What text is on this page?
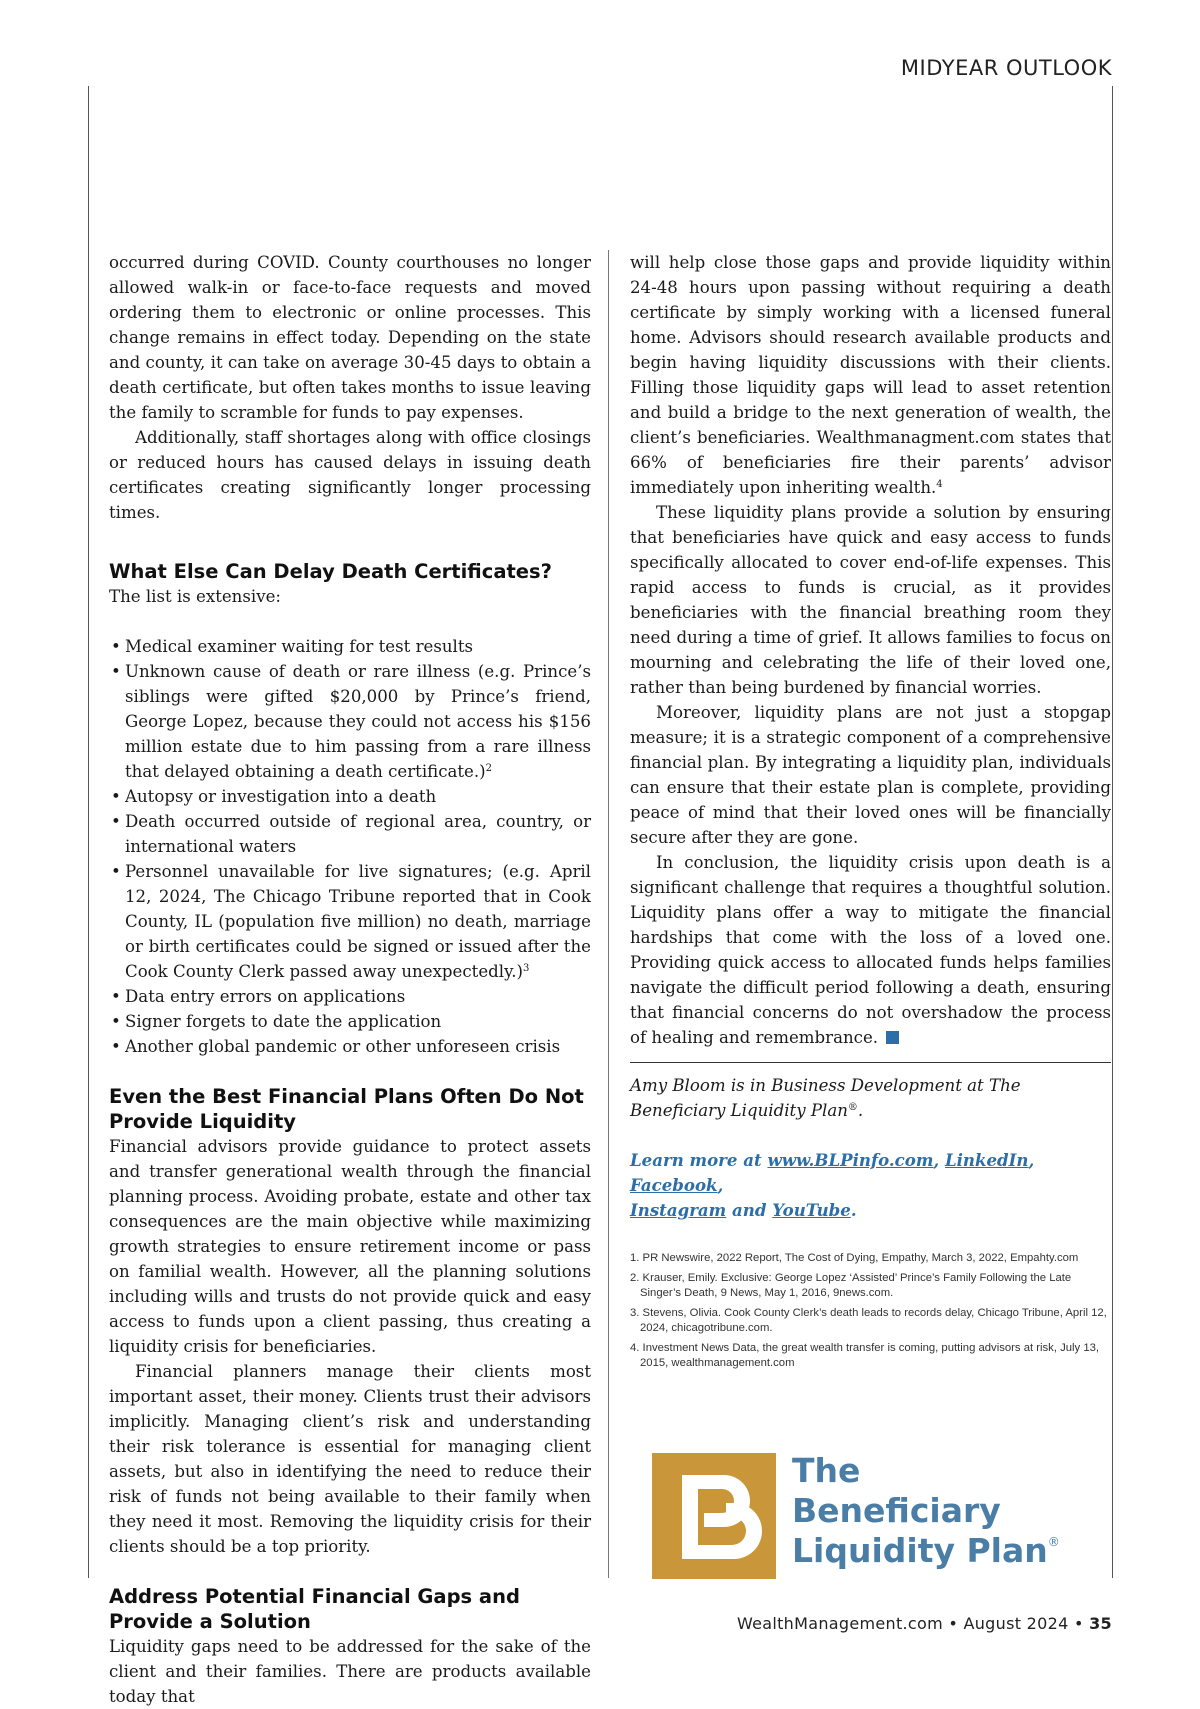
MIDYEAR OUTLOOK

occurred during COVID. County courthouses no longer allowed walk-in or face-to-face requests and moved ordering them to electronic or online processes. This change remains in effect today. Depending on the state and county, it can take on average 30-45 days to obtain a death certificate, but often takes months to issue leaving the family to scramble for funds to pay expenses.

Additionally, staff shortages along with office closings or reduced hours has caused delays in issuing death certificates creating significantly longer processing times.

What Else Can Delay Death Certificates?

The list is extensive:

• Medical examiner waiting for test results
• Unknown cause of death or rare illness (e.g. Prince’s siblings were gifted $20,000 by Prince’s friend, George Lopez, because they could not access his $156 million estate due to him passing from a rare illness that delayed obtaining a death certificate.)$^2$
• Autopsy or investigation into a death
• Death occurred outside of regional area, country, or international waters
• Personnel unavailable for live signatures; (e.g. April 12, 2024, The Chicago Tribune reported that in Cook County, IL (population five million) no death, marriage or birth certificates could be signed or issued after the Cook County Clerk passed away unexpectedly.)$^3$
• Data entry errors on applications
• Signer forgets to date the application
• Another global pandemic or other unforeseen crisis
Even the Best Financial Plans Often Do Not Provide Liquidity

Financial advisors provide guidance to protect assets and transfer generational wealth through the financial planning process. Avoiding probate, estate and other tax consequences are the main objective while maximizing growth strategies to ensure retirement income or pass on familial wealth. However, all the planning solutions including wills and trusts do not provide quick and easy access to funds upon a client passing, thus creating a liquidity crisis for beneficiaries.

Financial planners manage their clients most important asset, their money. Clients trust their advisors implicitly. Managing client’s risk and understanding their risk tolerance is essential for managing client assets, but also in identifying the need to reduce their risk of funds not being available to their family when they need it most. Removing the liquidity crisis for their clients should be a top priority.

Address Potential Financial Gaps and Provide a Solution

Liquidity gaps need to be addressed for the sake of the client and their families. There are products available today that

will help close those gaps and provide liquidity within 24-48 hours upon passing without requiring a death certificate by simply working with a licensed funeral home. Advisors should research available products and begin having liquidity discussions with their clients. Filling those liquidity gaps will lead to asset retention and build a bridge to the next generation of wealth, the client’s beneficiaries. Wealthmanagment.com states that 66% of beneficiaries fire their parents’ advisor immediately upon inheriting wealth.$^4$

These liquidity plans provide a solution by ensuring that beneficiaries have quick and easy access to funds specifically allocated to cover end-of-life expenses. This rapid access to funds is crucial, as it provides beneficiaries with the financial breathing room they need during a time of grief. It allows families to focus on mourning and celebrating the life of their loved one, rather than being burdened by financial worries.

Moreover, liquidity plans are not just a stopgap measure; it is a strategic component of a comprehensive financial plan. By integrating a liquidity plan, individuals can ensure that their estate plan is complete, providing peace of mind that their loved ones will be financially secure after they are gone.

In conclusion, the liquidity crisis upon death is a significant challenge that requires a thoughtful solution. Liquidity plans offer a way to mitigate the financial hardships that come with the loss of a loved one. Providing quick access to allocated funds helps families navigate the difficult period following a death, ensuring that financial concerns do not overshadow the process of healing and remembrance.

Amy Bloom is in Business Development at The Beneficiary Liquidity Plan®.

Learn more at www.BLPinfo.com, LinkedIn, Facebook,
Instagram and YouTube.

1. PR Newswire, 2022 Report, The Cost of Dying, Empathy, March 3, 2022, Empahty.com
2. Krauser, Emily. Exclusive: George Lopez ‘Assisted’ Prince’s Family Following the Late Singer’s Death, 9 News, May 1, 2016, 9news.com.
3. Stevens, Olivia. Cook County Clerk’s death leads to records delay, Chicago Tribune, April 12, 2024, chicagotribune.com.
4. Investment News Data, the great wealth transfer is coming, putting advisors at risk, July 13, 2015, wealthmanagement.com
The
Beneficiary
Liquidity Plan®
WealthManagement.com • August 2024 • 35
